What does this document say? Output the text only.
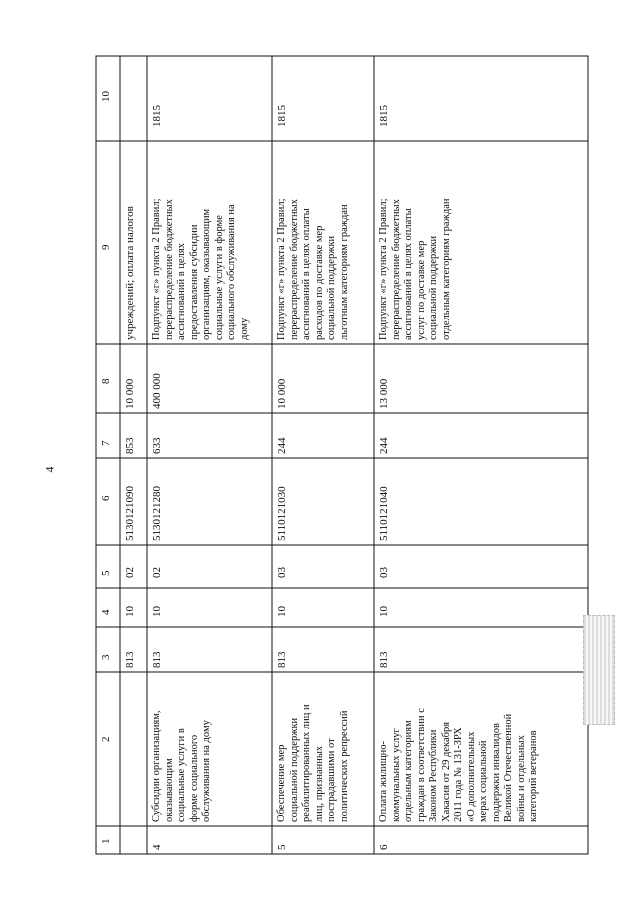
4
1
2
3
4
5
6
7
8
9
10
813
10
02
5130121090
853
10 000
учреждений; оплата налогов
4
Субсидии организациям, оказывающим социальные услуги в форме социального обслуживания на дому
813
10
02
5130121280
633
400 000
Подпункт «г» пункта 2 Правил; перераспределение бюджетных ассигнований в целях предоставления субсидии организациям, оказывающим социальные услуги в форме социального обслуживания на дому
1815
5
Обеспечение мер социальной поддержки реабилитированных лиц и лиц, признанных пострадавшими от политических репрессий
813
10
03
5110121030
244
10 000
Подпункт «г» пункта 2 Правил; перераспределение бюджетных ассигнований в целях оплаты расходов по доставке мер социальной поддержки льготным категориям граждан
1815
6
Оплата жилищно- коммунальных услуг отдельным категориям граждан в соответствии с Законом Республики Хакасия от 29 декабря 2011 года № 131-ЗРХ «О дополнительных мерах социальной поддержки инвалидов Великой Отечественной войны и отдельных категорий ветеранов
813
10
03
5110121040
244
13 000
Подпункт «г» пункта 2 Правил; перераспределение бюджетных ассигнований в целях оплаты услуг по доставке мер социальной поддержки отдельным категориям граждан
1815
